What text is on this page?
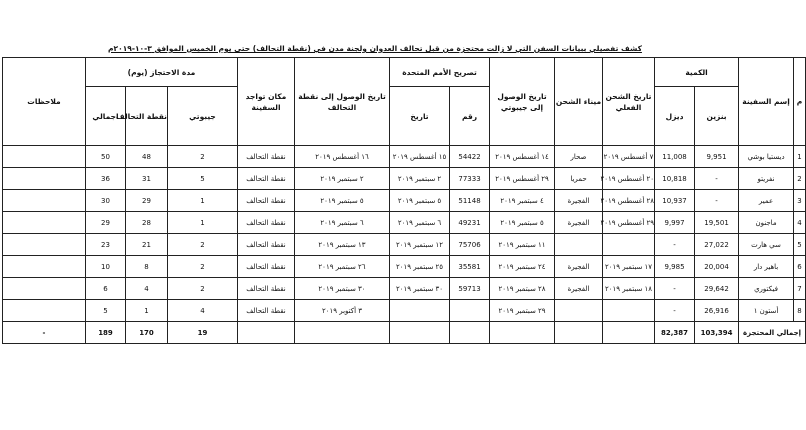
كشف تفصيلي ببيانات السفن التي لا زالت محتجزة من قبل تحالف العدوان ولجنة مدن في (نقطة التحالف) حتى يوم الخميس الموافق ٣-١٠-٢٠١٩م
م	إسم السفينة	الكمية		تاريخ الشحن الفعلي	ميناء الشحن	تاريخ الوصول إلى جيبوتي	تصريح الأمم المتحدة		تاريخ الوصول إلى نقطة التحالف	مكان تواجد السفينة	مدة الاحتجاز (يوم)			ملاحظات
		بنزين	ديزل				رقم	تاريخ			جيبوتي	نقطة التحالف	اجمالي	
1	ديستيا بوشي	9,951	11,008	٧ أغسطس ٢٠١٩	صحار	١٤ أغسطس ٢٠١٩	54422	١٥ أغسطس ٢٠١٩	١٦ أغسطس ٢٠١٩	نقطة التحالف	2	48	50	
2	نفريتو	-	10,818	٢٠ أغسطس ٢٠١٩	حمريا	٢٩ أغسطس ٢٠١٩	77333	٢ سبتمبر ٢٠١٩	٢ سبتمبر ٢٠١٩	نقطة التحالف	5	31	36	
3	عمير	-	10,937	٢٨ أغسطس ٢٠١٩	الفجيرة	٤ سبتمبر ٢٠١٩	51148	٥ سبتمبر ٢٠١٩	٥ سبتمبر ٢٠١٩	نقطة التحالف	1	29	30	
4	ماجنون	19,501	9,997	٢٩ أغسطس ٢٠١٩	الفجيرة	٥ سبتمبر ٢٠١٩	49231	٦ سبتمبر ٢٠١٩	٦ سبتمبر ٢٠١٩	نقطة التحالف	1	28	29	
5	سي هارت	27,022	-			١١ سبتمبر ٢٠١٩	75706	١٢ سبتمبر ٢٠١٩	١٣ سبتمبر ٢٠١٩	نقطة التحالف	2	21	23	
6	باهير دار	20,004	9,985	١٧ سبتمبر ٢٠١٩	الفجيرة	٢٤ سبتمبر ٢٠١٩	35581	٢٥ سبتمبر ٢٠١٩	٢٦ سبتمبر ٢٠١٩	نقطة التحالف	2	8	10	
7	فيكتوري	29,642	-	١٨ سبتمبر ٢٠١٩	الفجيرة	٢٨ سبتمبر ٢٠١٩	59713	٣٠ سبتمبر ٢٠١٩	٣٠ سبتمبر ٢٠١٩	نقطة التحالف	2	4	6	
8	أستون ١	26,916	-			٢٩ سبتمبر ٢٠١٩			٣ أكتوبر ٢٠١٩	نقطة التحالف	4	1	5	
إجمالي المحتجزة		103,394	82,387								19	170	189	-
